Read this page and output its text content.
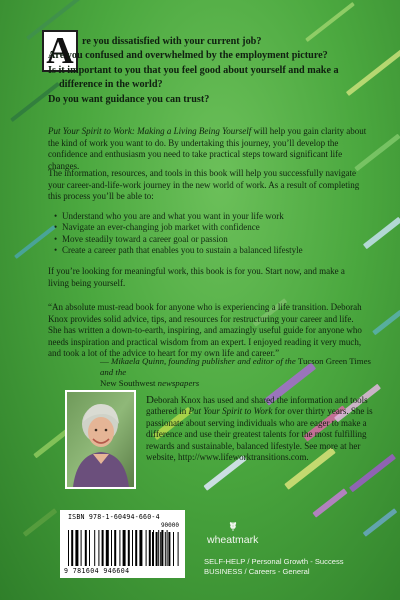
A re you dissatisfied with your current job?
Are you confused and overwhelmed by the employment picture?
Is it important to you that you feel good about yourself and make a
difference in the world?
Do you want guidance you can trust?
Put Your Spirit to Work: Making a Living Being Yourself will help you gain clarity about the kind of work you want to do. By undertaking this journey, you’ll develop the confidence and enthusiasm you need to take practical steps toward significant life changes.
The information, resources, and tools in this book will help you successfully navigate your career-and-life-work journey in the new world of work. As a result of completing this process you’ll be able to:
• Understand who you are and what you want in your life work
• Navigate an ever-changing job market with confidence
• Move steadily toward a career goal or passion
• Create a career path that enables you to sustain a balanced lifestyle
If you’re looking for meaningful work, this book is for you. Start now, and make a living being yourself.
“An absolute must-read book for anyone who is experiencing a life transition. Deborah Knox provides solid advice, tips, and resources for restructuring your career and life. She has written a down-to-earth, inspiring, and amazingly useful guide for anyone who needs inspiration and practical wisdom from an expert. I enjoyed reading it very much, and took a lot of the advice to heart for my own life and career.”
— Mikaela Quinn, founding publisher and editor of the Tucson Green Times and the
New Southwest newspapers
Deborah Knox has used and shared the information and tools gathered in Put Your Spirit to Work for over thirty years. She is passionate about serving individuals who are eager to make a difference and use their greatest talents for the most fulfilling rewards and sustainable, balanced lifestyle. See more at her website, http://www.lifeworktransitions.com.
ISBN 978-1-60494-660-4
90000
9 781604 946604
wheatmark
SELF-HELP / Personal Growth - Success
BUSINESS / Careers - General
